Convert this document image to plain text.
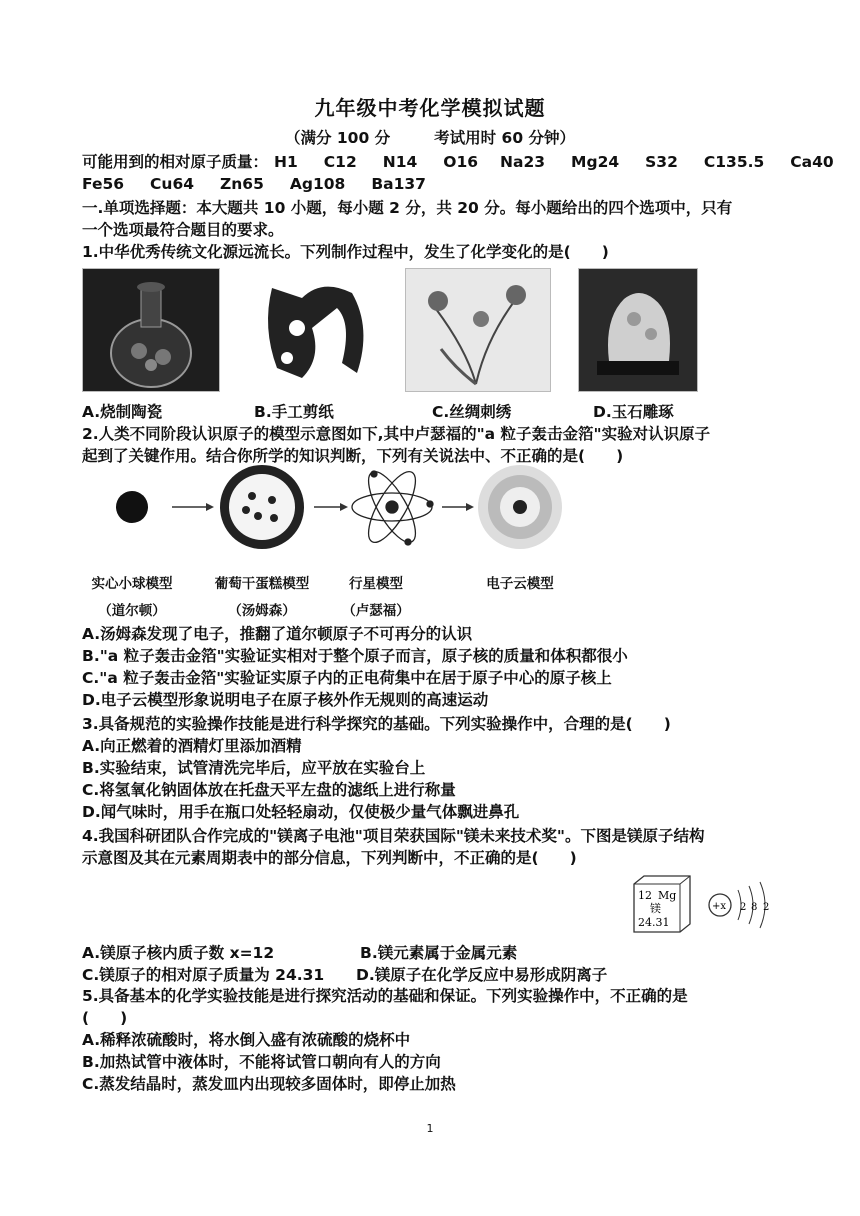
九年级中考化学模拟试题
（满分 100 分	考试用时 60 分钟）
可能用到的相对原子质量： H1 C12 N14 O16 Na23 Mg24 S32 C135.5 Ca40
Fe56 Cu64 Zn65 Ag108 Ba137
一.单项选择题：本大题共 10 小题，每小题 2 分，共 20 分。每小题给出的四个选项中，只有
一个选项最符合题目的要求。
1.中华优秀传统文化源远流长。下列制作过程中，发生了化学变化的是(　　)
A.烧制陶瓷	B.手工剪纸	C.丝绸刺绣	D.玉石雕琢
2.人类不同阶段认识原子的模型示意图如下,其中卢瑟福的"a 粒子轰击金箔"实验对认识原子
起到了关键作用。结合你所学的知识判断，下列有关说法中、不正确的是(　　)
实心小球模型
（道尔顿）
葡萄干蛋糕模型
（汤姆森）
行星模型
（卢瑟福）
电子云模型
A.汤姆森发现了电子，推翻了道尔顿原子不可再分的认识
B."a 粒子轰击金箔"实验证实相对于整个原子而言，原子核的质量和体积都很小
C."a 粒子轰击金箔"实验证实原子内的正电荷集中在居于原子中心的原子核上
D.电子云模型形象说明电子在原子核外作无规则的高速运动
3.具备规范的实验操作技能是进行科学探究的基础。下列实验操作中，合理的是(　　)
A.向正燃着的酒精灯里添加酒精
B.实验结束，试管清洗完毕后，应平放在实验台上
C.将氢氧化钠固体放在托盘天平左盘的滤纸上进行称量
D.闻气味时，用手在瓶口处轻轻扇动，仅使极少量气体飘进鼻孔
4.我国科研团队合作完成的"镁离子电池"项目荣获国际"镁未来技术奖"。下图是镁原子结构
示意图及其在元素周期表中的部分信息，下列判断中，不正确的是(　　)
12 Mg
镁
24.31
+x 2 8 2
A.镁原子核内质子数 x=12	B.镁元素属于金属元素
C.镁原子的相对原子质量为 24.31 D.镁原子在化学反应中易形成阴离子
5.具备基本的化学实验技能是进行探究活动的基础和保证。下列实验操作中，不正确的是
(　　)
A.稀释浓硫酸时，将水倒入盛有浓硫酸的烧杯中
B.加热试管中液体时，不能将试管口朝向有人的方向
C.蒸发结晶时，蒸发皿内出现较多固体时，即停止加热
1
